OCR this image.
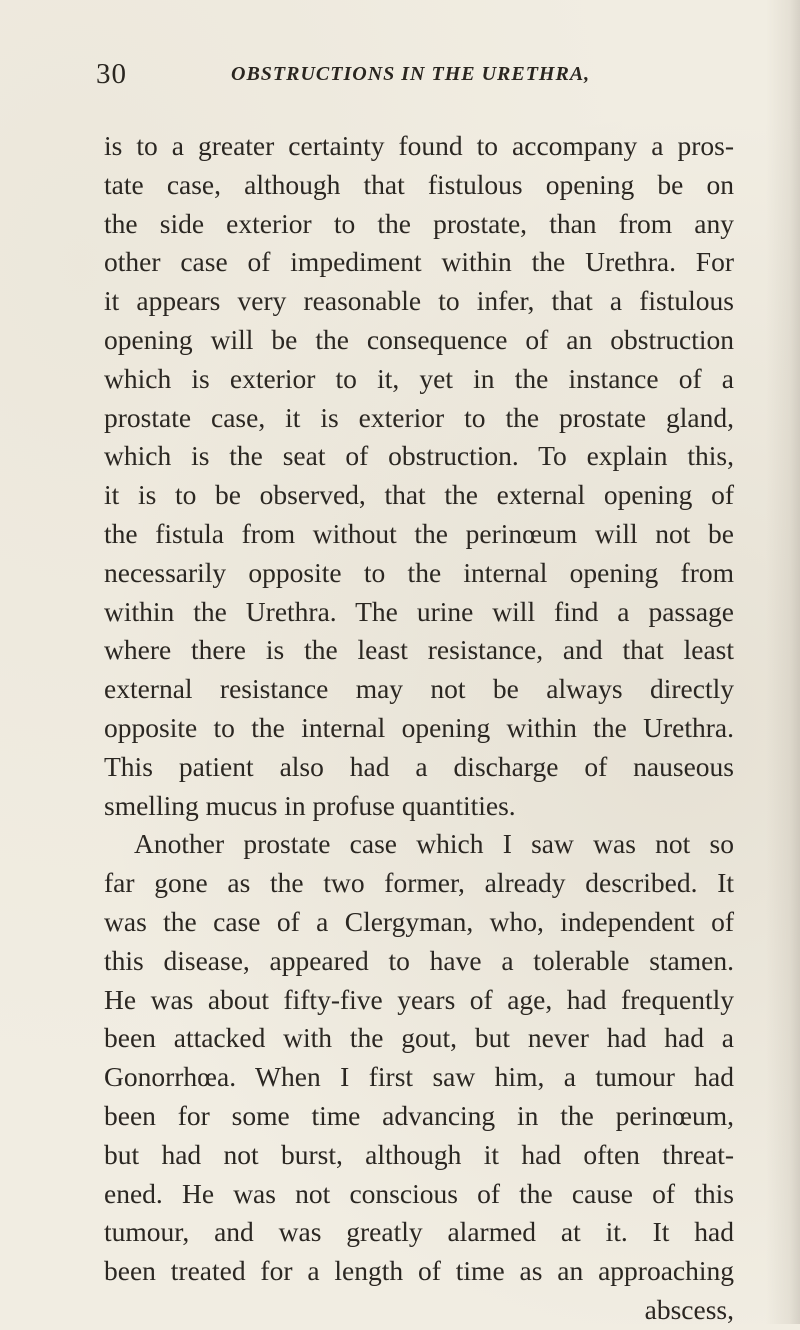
30	OBSTRUCTIONS IN THE URETHRA,
is to a greater certainty found to accompany a pros-
tate case, although that fistulous opening be on
the side exterior to the prostate, than from any
other case of impediment within the Urethra. For
it appears very reasonable to infer, that a fistulous
opening will be the consequence of an obstruction
which is exterior to it, yet in the instance of a
prostate case, it is exterior to the prostate gland,
which is the seat of obstruction. To explain this,
it is to be observed, that the external opening of
the fistula from without the perinœum will not be
necessarily opposite to the internal opening from
within the Urethra. The urine will find a passage
where there is the least resistance, and that least
external resistance may not be always directly
opposite to the internal opening within the Urethra.
This patient also had a discharge of nauseous
smelling mucus in profuse quantities.
Another prostate case which I saw was not so
far gone as the two former, already described. It
was the case of a Clergyman, who, independent of
this disease, appeared to have a tolerable stamen.
He was about fifty-five years of age, had frequently
been attacked with the gout, but never had had a
Gonorrhœa. When I first saw him, a tumour had
been for some time advancing in the perinœum,
but had not burst, although it had often threat-
ened. He was not conscious of the cause of this
tumour, and was greatly alarmed at it. It had
been treated for a length of time as an approaching
abscess,
